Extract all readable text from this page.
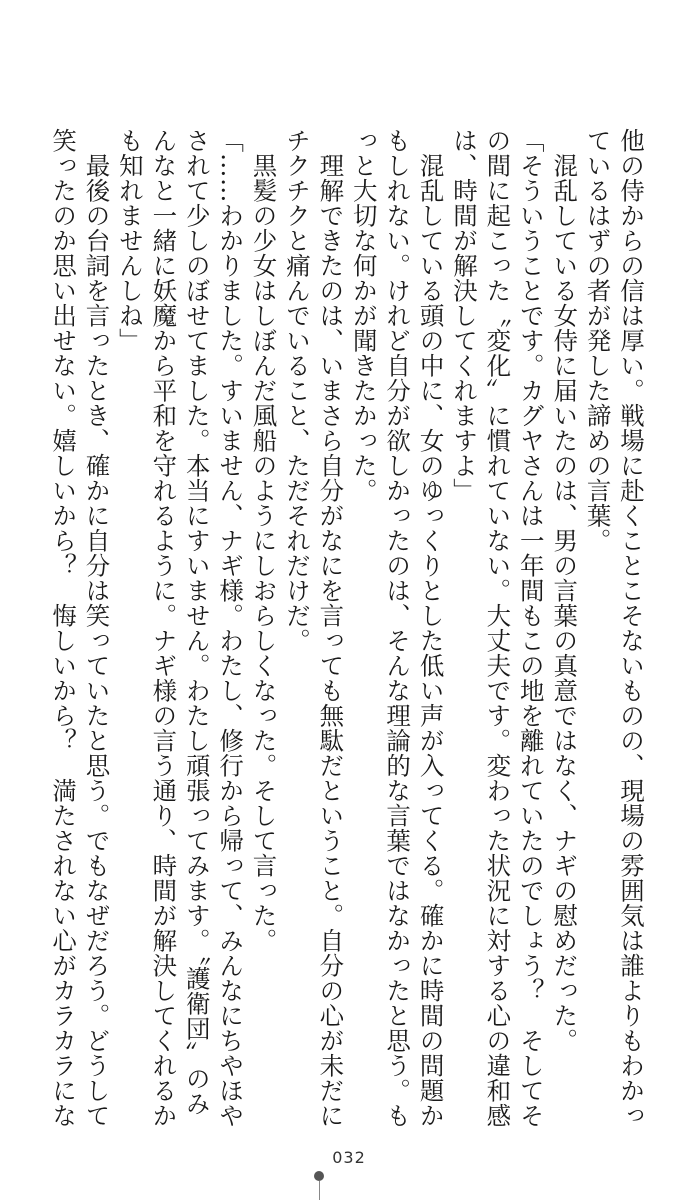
他の侍からの信は厚い。戦場に赴くことこそないものの、現場の雰囲気は誰よりもわかっ
ているはずの者が発した諦めの言葉。
　混乱している女侍に届いたのは、男の言葉の真意ではなく、ナギの慰めだった。
「そういうことです。カグヤさんは一年間もこの地を離れていたのでしょう？　そしてそ
の間に起こった〝変化〟に慣れていない。大丈夫です。変わった状況に対する心の違和感
は、時間が解決してくれますよ」
　混乱している頭の中に、女のゆっくりとした低い声が入ってくる。確かに時間の問題か
もしれない。けれど自分が欲しかったのは、そんな理論的な言葉ではなかったと思う。も
っと大切な何かが聞きたかった。
　理解できたのは、いまさら自分がなにを言っても無駄だということ。自分の心が未だに
チクチクと痛んでいること、ただそれだけだ。
　黒髪の少女はしぼんだ風船のようにしおらしくなった。そして言った。
「……わかりました。すいません、ナギ様。わたし、修行から帰って、みんなにちやほや
されて少しのぼせてました。本当にすいません。わたし頑張ってみます。〝護衛団〟のみ
んなと一緒に妖魔から平和を守れるように。ナギ様の言う通り、時間が解決してくれるか
も知れませんしね」
　最後の台詞を言ったとき、確かに自分は笑っていたと思う。でもなぜだろう。どうして
笑ったのか思い出せない。嬉しいから？　悔しいから？　満たされない心がカラカラにな
032
